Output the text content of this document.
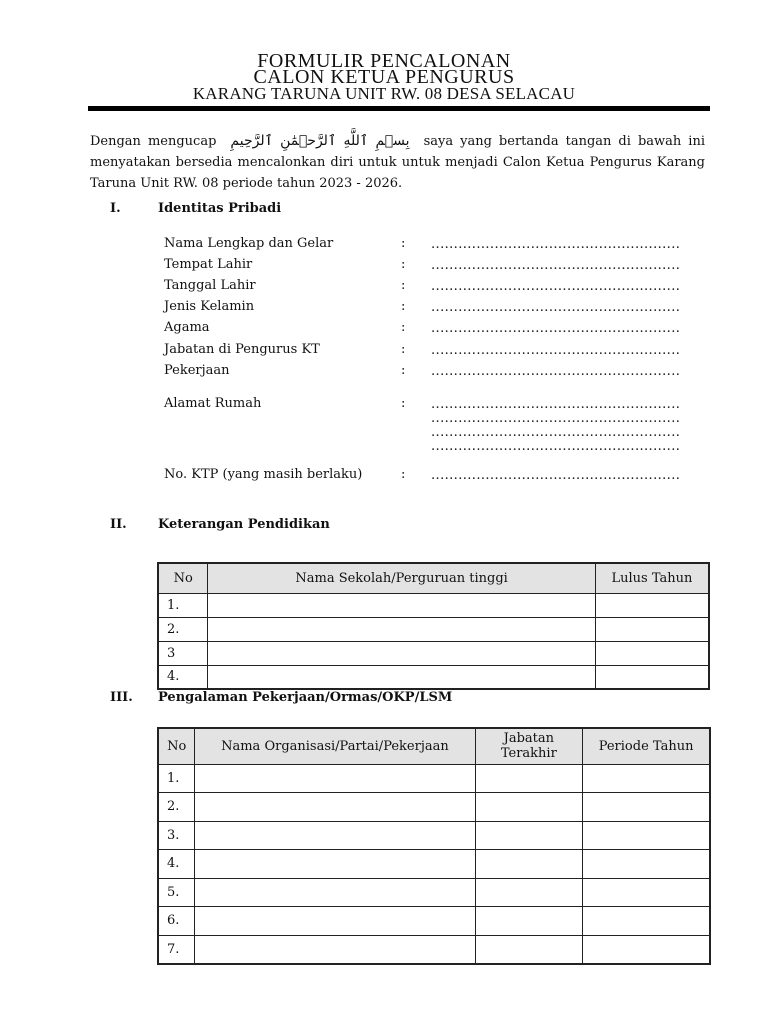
FORMULIR PENCALONAN
CALON KETUA PENGURUS
KARANG TARUNA UNIT RW. 08 DESA SELACAU
Dengan mengucap بِسۡمِ ٱللَّهِ ٱلرَّحۡمَٰنِ ٱلرَّحِيمِ saya yang bertanda tangan di bawah ini menyatakan bersedia mencalonkan diri untuk untuk menjadi Calon Ketua Pengurus Karang Taruna Unit RW. 08 periode tahun 2023 - 2026.
I.	Identitas Pribadi
Nama Lengkap dan Gelar	: .......................................................
Tempat Lahir	: .......................................................
Tanggal Lahir	: .......................................................
Jenis Kelamin	: .......................................................
Agama	: .......................................................
Jabatan di Pengurus KT	: .......................................................
Pekerjaan	: .......................................................
Alamat Rumah	: .......................................................
.......................................................
.......................................................
.......................................................
No. KTP (yang masih berlaku)	: .......................................................
II. Keterangan Pendidikan
No	Nama Sekolah/Perguruan tinggi	Lulus Tahun
1.		
2.		
3		
4.		
III. Pengalaman Pekerjaan/Ormas/OKP/LSM
No	Nama Organisasi/Partai/Pekerjaan	Jabatan Terakhir	Periode Tahun
1.			
2.			
3.			
4.			
5.			
6.			
7.			
